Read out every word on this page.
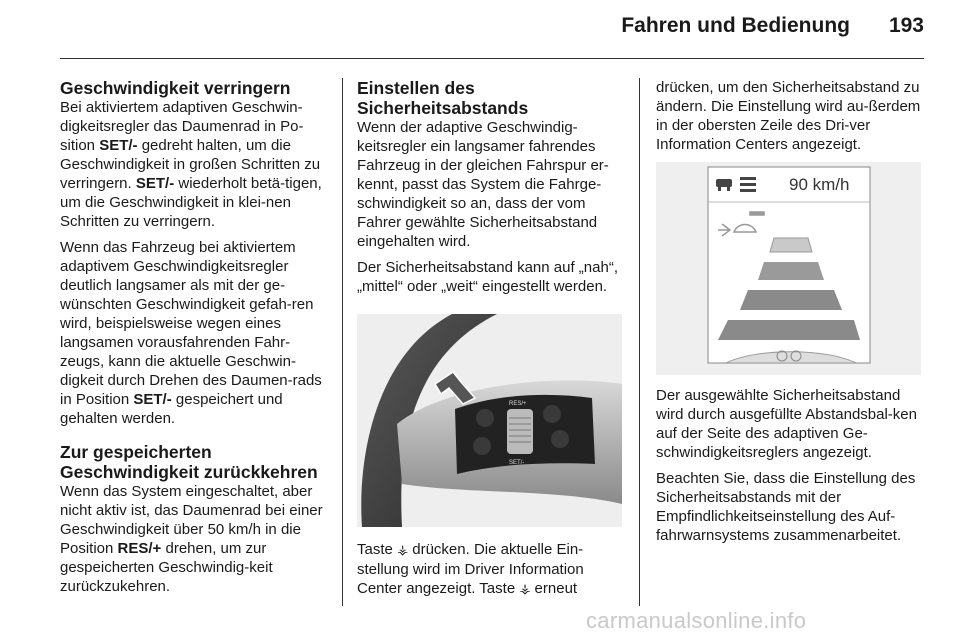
Fahren und Bedienung	193
Geschwindigkeit verringern

Bei aktiviertem adaptiven Geschwin-digkeitsregler das Daumenrad in Po-sition SET/- gedreht halten, um die Geschwindigkeit in großen Schritten zu verringern. SET/- wiederholt betä-tigen, um die Geschwindigkeit in klei-nen Schritten zu verringern.

Wenn das Fahrzeug bei aktiviertem adaptivem Geschwindigkeitsregler deutlich langsamer als mit der ge-wünschten Geschwindigkeit gefah-ren wird, beispielsweise wegen eines langsamen vorausfahrenden Fahr-zeugs, kann die aktuelle Geschwin-digkeit durch Drehen des Daumen-rads in Position SET/- gespeichert und gehalten werden.

Zur gespeicherten Geschwindigkeit zurückkehren

Wenn das System eingeschaltet, aber nicht aktiv ist, das Daumenrad bei einer Geschwindigkeit über 50 km/h in die Position RES/+ drehen, um zur gespeicherten Geschwindig-keit zurückzukehren.

Einstellen des Sicherheitsabstands

Wenn der adaptive Geschwindig-keitsregler ein langsamer fahrendes Fahrzeug in der gleichen Fahrspur er-kennt, passt das System die Fahrge-schwindigkeit so an, dass der vom Fahrer gewählte Sicherheitsabstand eingehalten wird.

Der Sicherheitsabstand kann auf „nah“, „mittel“ oder „weit“ eingestellt werden.

RES/+
SET/-

Taste ⚶ drücken. Die aktuelle Ein-stellung wird im Driver Information Center angezeigt. Taste ⚶ erneut

drücken, um den Sicherheitsabstand zu ändern. Die Einstellung wird au-ßerdem in der obersten Zeile des Dri-ver Information Centers angezeigt.

90 km/h

Der ausgewählte Sicherheitsabstand wird durch ausgefüllte Abstandsbal-ken auf der Seite des adaptiven Ge-schwindigkeitsreglers angezeigt.

Beachten Sie, dass die Einstellung des Sicherheitsabstands mit der Empfindlichkeitseinstellung des Auf-fahrwarnsystems zusammenarbeitet.

carmanualsonline.info
